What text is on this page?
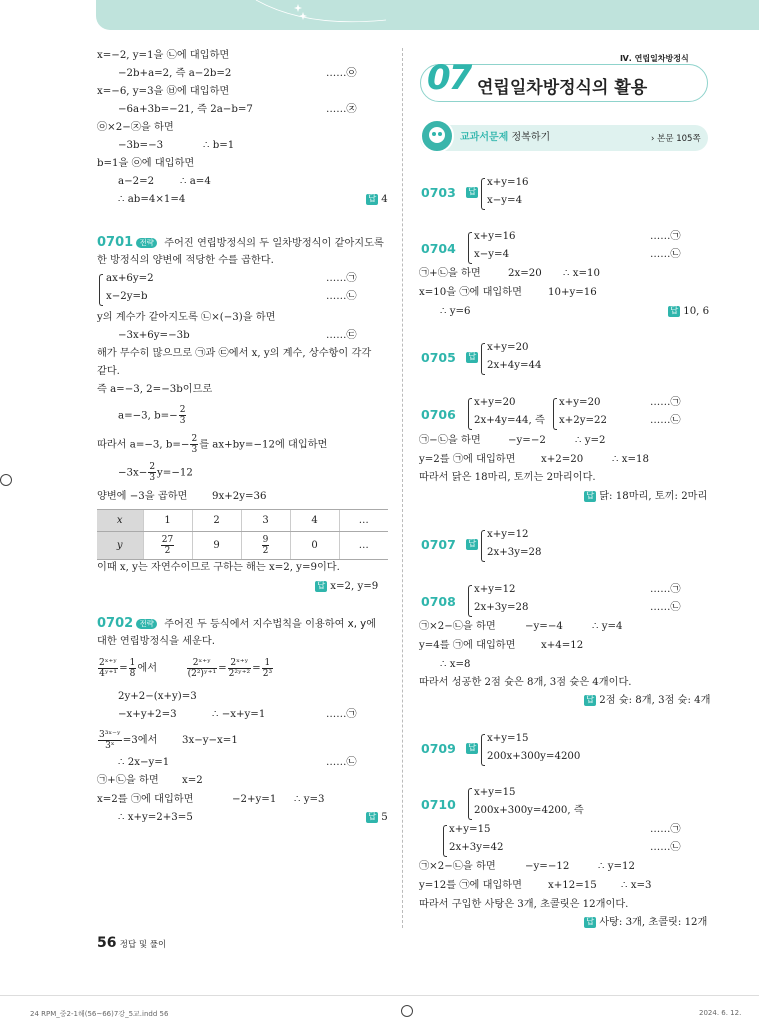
x=−2, y=1을 ㉡에 대입하면
−2b+a=2, 즉 a−2b=2	……㉧
x=−6, y=3을 ㉥에 대입하면
−6a+3b=−21, 즉 2a−b=7	……㉨
㉧×2−㉨을 하면
−3b=−3	∴ b=1
b=1을 ㉧에 대입하면
a−2=2	∴ a=4
∴ ab=4×1=4	답 4
0701 전략 주어진 연립방정식의 두 일차방정식이 같아지도록
한 방정식의 양변에 적당한 수를 곱한다.
ax+6y=2
x−2y=b
……㉠
……㉡
y의 계수가 같아지도록 ㉡×(−3)을 하면
−3x+6y=−3b	……㉢
해가 무수히 많으므로 ㉠과 ㉢에서 x, y의 계수, 상수항이 각각
같다.
즉 a=−3, 2=−3b이므로
a=−3, $b=- \frac{2}{3}$
따라서 a=−3, $b=- \frac{2}{3}$ 를 ax+by=−12에 대입하면
$-3x- \frac{2}{3} y=-12$
양변에 −3을 곱하면 9x+2y=36
x	1	2	3	4	…
y	$\frac{27}{2}$	9	$\frac{9}{2}$	0	…
이때 x, y는 자연수이므로 구하는 해는 x=2, y=9이다.
답 x=2, y=9
0702 전략 주어진 두 등식에서 지수법칙을 이용하여 x, y에
대한 연립방정식을 세운다.
$\frac{\text{2ˣ⁺ʸ}}{\text{4ʸ⁺¹}} = \frac{1}{8}$ 에서	$\frac{\text{2ˣ⁺ʸ}}{\text{(2²)ʸ⁺¹}} = \frac{\text{2ˣ⁺ʸ}}{\text{2²ʸ⁺²}} = \frac{1}{\text{2³}}$
2y+2−(x+y)=3
−x+y+2=3	∴ −x+y=1	……㉠
$\frac{\text{3³ˣ⁻ʸ}}{\text{3ˣ}} =3$에서 3x−y−x=1
∴ 2x−y=1	……㉡
㉠+㉡을 하면 x=2
x=2를 ㉠에 대입하면	−2+y=1 ∴ y=3
∴ x+y=2+3=5	답 5
Ⅳ. 연립일차방정식
07 연립일차방정식의 활용
교과서문제 정복하기	› 본문 105쪽
0703 답
x+y=16
x−y=4
0704
x+y=16
x−y=4
……㉠
……㉡
㉠+㉡을 하면	2x=20 ∴ x=10
x=10을 ㉠에 대입하면	10+y=16
∴ y=6	답 10, 6
0705 답
x+y=20
2x+4y=44
0706
x+y=20
2x+4y=44, 즉
x+y=20
x+2y=22
……㉠
……㉡
㉠−㉡을 하면	−y=−2	∴ y=2
y=2를 ㉠에 대입하면	x+2=20	∴ x=18
따라서 닭은 18마리, 토끼는 2마리이다.
답 닭: 18마리, 토끼: 2마리
0707 답
x+y=12
2x+3y=28
0708
x+y=12
2x+3y=28
……㉠
……㉡
㉠×2−㉡을 하면	−y=−4	∴ y=4
y=4를 ㉠에 대입하면	x+4=12
∴ x=8
따라서 성공한 2점 슛은 8개, 3점 슛은 4개이다.
답 2점 슛: 8개, 3점 슛: 4개
0709 답
x+y=15
200x+300y=4200
0710
x+y=15
200x+300y=4200, 즉
x+y=15
2x+3y=42
……㉠
……㉡
㉠×2−㉡을 하면	−y=−12	∴ y=12
y=12를 ㉠에 대입하면	x+12=15 ∴ x=3
따라서 구입한 사탕은 3개, 초콜릿은 12개이다.
답 사탕: 3개, 초콜릿: 12개
56 정답 및 풀이
24 RPM_중2-1해(56~66)7강_5교.indd 56	2024. 6. 12.
